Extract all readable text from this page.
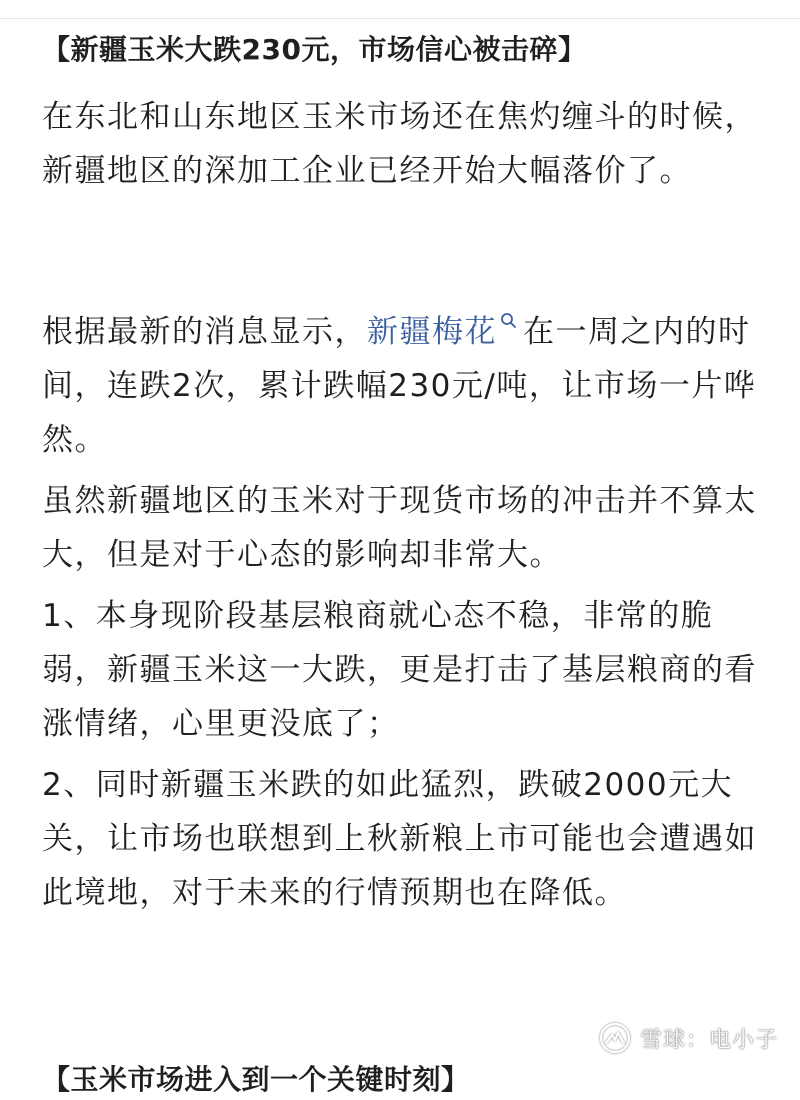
【新疆玉米大跌230元，市场信心被击碎】

在东北和山东地区玉米市场还在焦灼缠斗的时候，新疆地区的深加工企业已经开始大幅落价了。

根据最新的消息显示，新疆梅花 在一周之内的时间，连跌2次，累计跌幅230元/吨，让市场一片哗然。

虽然新疆地区的玉米对于现货市场的冲击并不算太大，但是对于心态的影响却非常大。

1、本身现阶段基层粮商就心态不稳，非常的脆弱，新疆玉米这一大跌，更是打击了基层粮商的看涨情绪，心里更没底了；

2、同时新疆玉米跌的如此猛烈，跌破2000元大关，让市场也联想到上秋新粮上市可能也会遭遇如此境地，对于未来的行情预期也在降低。

【玉米市场进入到一个关键时刻】
雪球 ： 电小子
